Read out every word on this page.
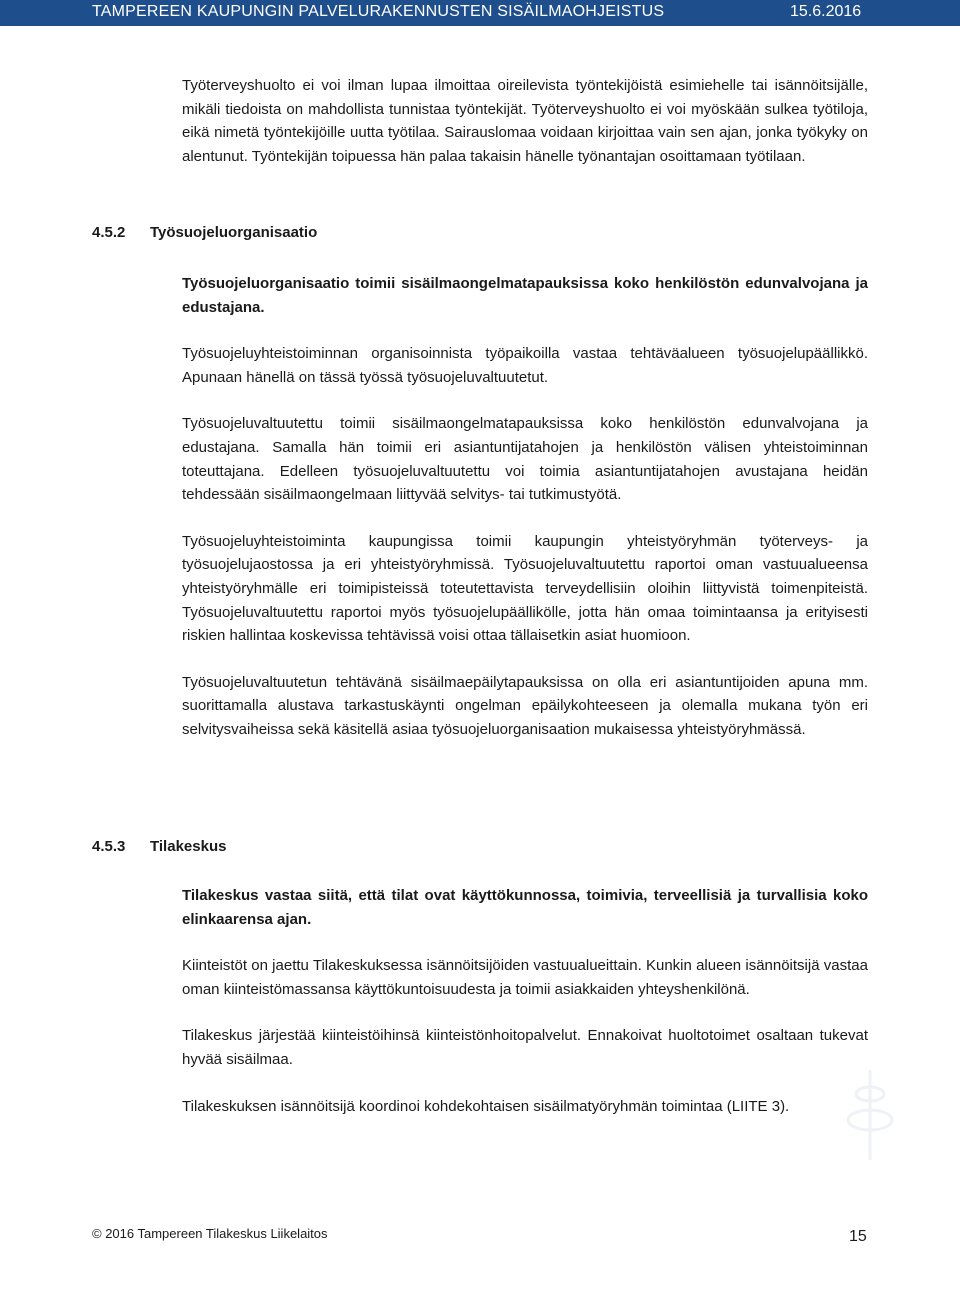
TAMPEREEN KAUPUNGIN PALVELURAKENNUSTEN SISÄILMAOHJEISTUS	15.6.2016

Työterveyshuolto ei voi ilman lupaa ilmoittaa oireilevista työntekijöistä esimiehelle tai isännöitsijälle, mikäli tiedoista on mahdollista tunnistaa työntekijät. Työterveyshuolto ei voi myöskään sulkea työtiloja, eikä nimetä työntekijöille uutta työtilaa. Sairauslomaa voidaan kirjoittaa vain sen ajan, jonka työkyky on alentunut. Työntekijän toipuessa hän palaa takaisin hänelle työnantajan osoittamaan työtilaan.

4.5.2 Työsuojeluorganisaatio

Työsuojeluorganisaatio toimii sisäilmaongelmatapauksissa koko henkilöstön edunvalvojana ja edustajana.

Työsuojeluyhteistoiminnan organisoinnista työpaikoilla vastaa tehtäväalueen työsuojelupäällikkö. Apunaan hänellä on tässä työssä työsuojeluvaltuutetut.

Työsuojeluvaltuutettu toimii sisäilmaongelmatapauksissa koko henkilöstön edunvalvojana ja edustajana. Samalla hän toimii eri asiantuntijatahojen ja henkilöstön välisen yhteistoiminnan toteuttajana. Edelleen työsuojeluvaltuutettu voi toimia asiantuntijatahojen avustajana heidän tehdessään sisäilmaongelmaan liittyvää selvitys- tai tutkimustyötä.

Työsuojeluyhteistoiminta kaupungissa toimii kaupungin yhteistyöryhmän työterveys- ja työsuojelujaostossa ja eri yhteistyöryhmissä. Työsuojeluvaltuutettu raportoi oman vastuualueensa yhteistyöryhmälle eri toimipisteissä toteutettavista terveydellisiin oloihin liittyvistä toimenpiteistä. Työsuojeluvaltuutettu raportoi myös työsuojelupäällikölle, jotta hän omaa toimintaansa ja erityisesti riskien hallintaa koskevissa tehtävissä voisi ottaa tällaisetkin asiat huomioon.

Työsuojeluvaltuutetun tehtävänä sisäilmaepäilytapauksissa on olla eri asiantuntijoiden apuna mm. suorittamalla alustava tarkastuskäynti ongelman epäilykohteeseen ja olemalla mukana työn eri selvitysvaiheissa sekä käsitellä asiaa työsuojeluorganisaation mukaisessa yhteistyöryhmässä.

4.5.3 Tilakeskus

Tilakeskus vastaa siitä, että tilat ovat käyttökunnossa, toimivia, terveellisiä ja turvallisia koko elinkaarensa ajan.

Kiinteistöt on jaettu Tilakeskuksessa isännöitsijöiden vastuualueittain. Kunkin alueen isännöitsijä vastaa oman kiinteistömassansa käyttökuntoisuudesta ja toimii asiakkaiden yhteyshenkilönä.

Tilakeskus järjestää kiinteistöihinsä kiinteistönhoitopalvelut. Ennakoivat huoltotoimet osaltaan tukevat hyvää sisäilmaa.

Tilakeskuksen isännöitsijä koordinoi kohdekohtaisen sisäilmatyöryhmän toimintaa (LIITE 3).

© 2016 Tampereen Tilakeskus Liikelaitos	15
